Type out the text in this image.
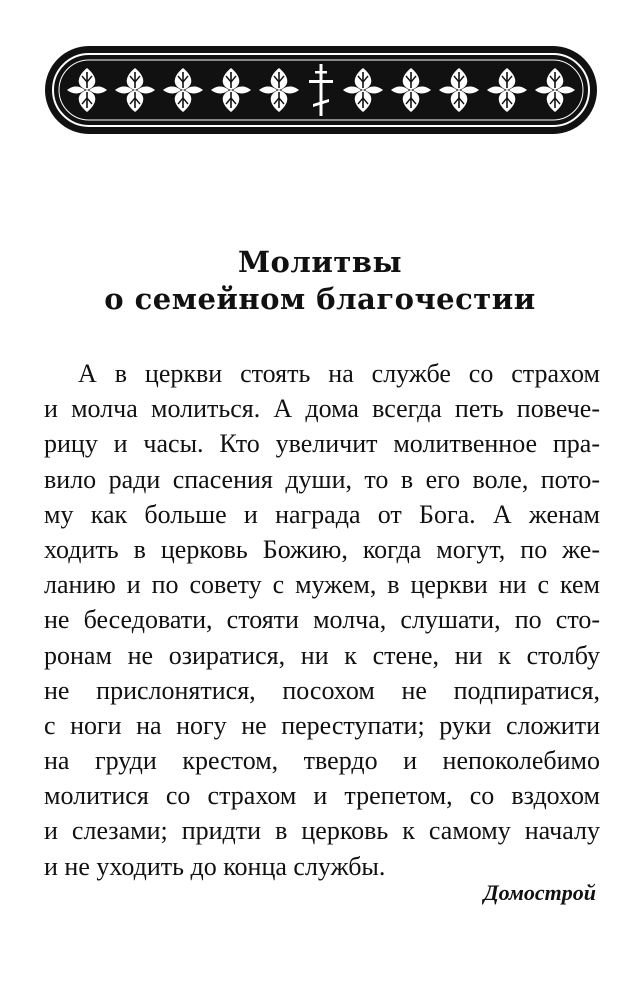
Молитвы
о семейном благочестии
А в церкви стоять на службе со страхом
и молча молиться. А дома всегда петь повече-
рицу и часы. Кто увеличит молитвенное пра-
вило ради спасения души, то в его воле, пото-
му как больше и награда от Бога. А женам
ходить в церковь Божию, когда могут, по же-
ланию и по совету с мужем, в церкви ни с кем
не беседовати, стояти молча, слушати, по сто-
ронам не озиратися, ни к стене, ни к столбу
не прислонятися, посохом не подпиратися,
с ноги на ногу не переступати; руки сложити
на груди крестом, твердо и непоколебимо
молитися со страхом и трепетом, со вздохом
и слезами; придти в церковь к самому началу
и не уходить до конца службы.

Домострой
